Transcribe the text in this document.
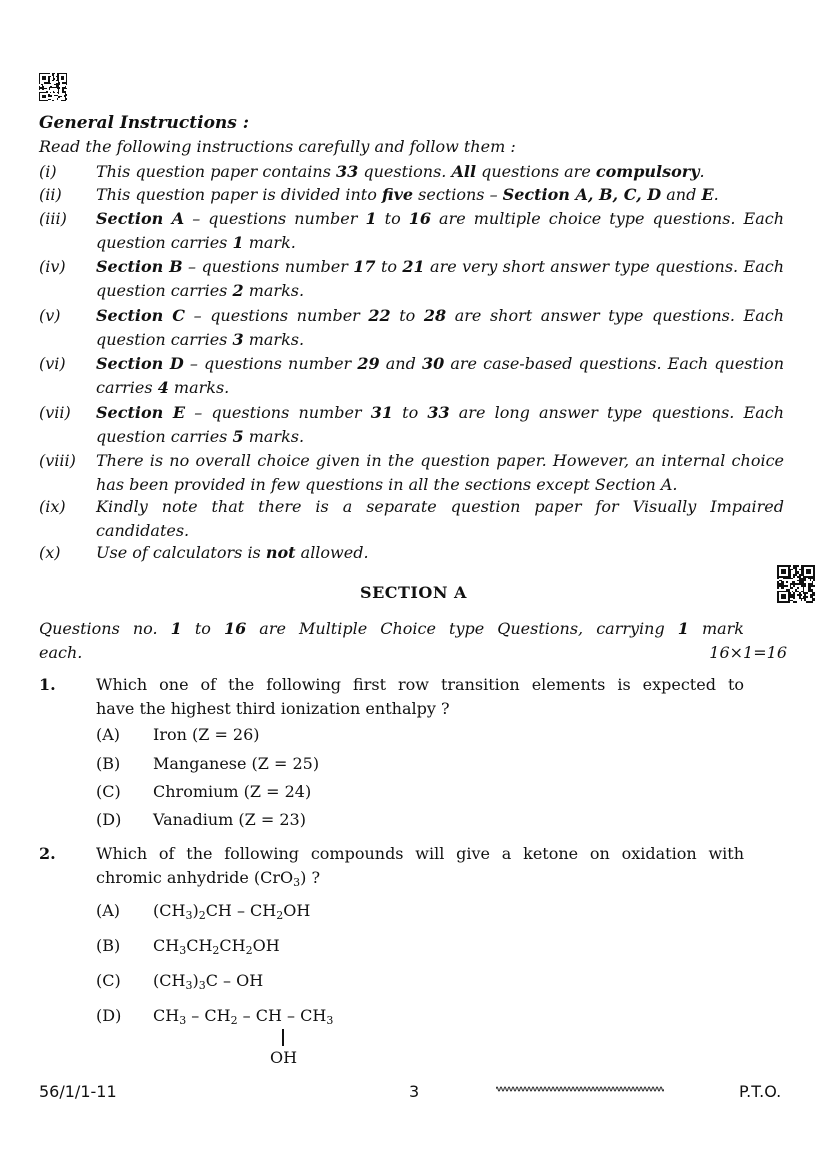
General Instructions :
Read the following instructions carefully and follow them :
(i) This question paper contains 33 questions. All questions are compulsory.
(ii) This question paper is divided into five sections – Section A, B, C, D and E.
(iii) Section A – questions number 1 to 16 are multiple choice type questions. Each question carries 1 mark.
(iv) Section B – questions number 17 to 21 are very short answer type questions. Each question carries 2 marks.
(v) Section C – questions number 22 to 28 are short answer type questions. Each question carries 3 marks.
(vi) Section D – questions number 29 and 30 are case-based questions. Each question carries 4 marks.
(vii) Section E – questions number 31 to 33 are long answer type questions. Each question carries 5 marks.
(viii) There is no overall choice given in the question paper. However, an internal choice has been provided in few questions in all the sections except Section A.
(ix) Kindly note that there is a separate question paper for Visually Impaired candidates.
(x) Use of calculators is not allowed.
SECTION A
Questions no. 1 to 16 are Multiple Choice type Questions, carrying 1 mark
each.	16×1=16
1.	Which one of the following first row transition elements is expected to
have the highest third ionization enthalpy ?
(A) Iron (Z = 26)
(B) Manganese (Z = 25)
(C) Chromium (Z = 24)
(D) Vanadium (Z = 23)
2.	Which of the following compounds will give a ketone on oxidation with
chromic anhydride (CrO$_3$) ?
(A) $(CH_3)_2CH - CH_2OH$
(B) $CH_3CH_2CH_2OH$
(C) $(CH_3)_3C$ – OH
(D) $CH_3 - CH_2$ – CH – $CH_3$
OH
56/1/1-11	3	P.T.O.
